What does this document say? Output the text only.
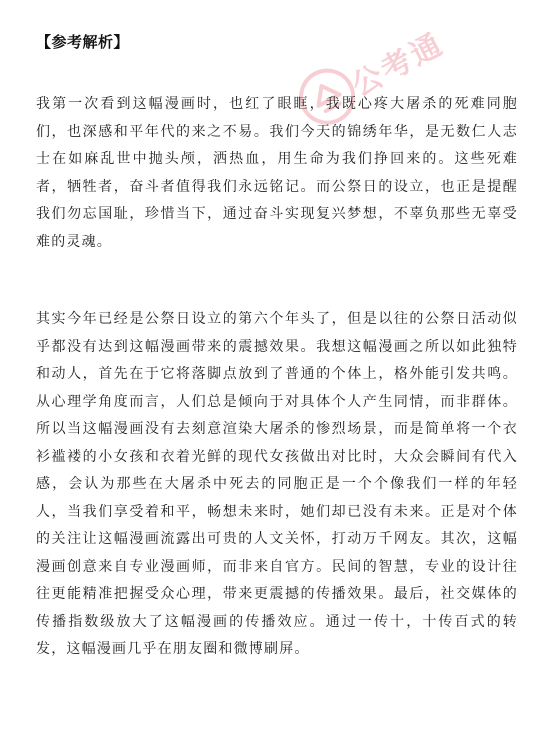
公考通
【参考解析】

我第一次看到这幅漫画时，也红了眼眶，我既心疼大屠杀的死难同胞们，也深感和平年代的来之不易。我们今天的锦绣年华，是无数仁人志士在如麻乱世中抛头颅，洒热血，用生命为我们挣回来的。这些死难者，牺牲者，奋斗者值得我们永远铭记。而公祭日的设立，也正是提醒我们勿忘国耻，珍惜当下，通过奋斗实现复兴梦想，不辜负那些无辜受难的灵魂。

其实今年已经是公祭日设立的第六个年头了，但是以往的公祭日活动似乎都没有达到这幅漫画带来的震撼效果。我想这幅漫画之所以如此独特和动人，首先在于它将落脚点放到了普通的个体上，格外能引发共鸣。从心理学角度而言，人们总是倾向于对具体个人产生同情，而非群体。所以当这幅漫画没有去刻意渲染大屠杀的惨烈场景，而是简单将一个衣衫褴褛的小女孩和衣着光鲜的现代女孩做出对比时，大众会瞬间有代入感，会认为那些在大屠杀中死去的同胞正是一个个像我们一样的年轻人，当我们享受着和平，畅想未来时，她们却已没有未来。正是对个体的关注让这幅漫画流露出可贵的人文关怀，打动万千网友。其次，这幅漫画创意来自专业漫画师，而非来自官方。民间的智慧，专业的设计往往更能精准把握受众心理，带来更震撼的传播效果。最后，社交媒体的传播指数级放大了这幅漫画的传播效应。通过一传十，十传百式的转发，这幅漫画几乎在朋友圈和微博刷屏。
